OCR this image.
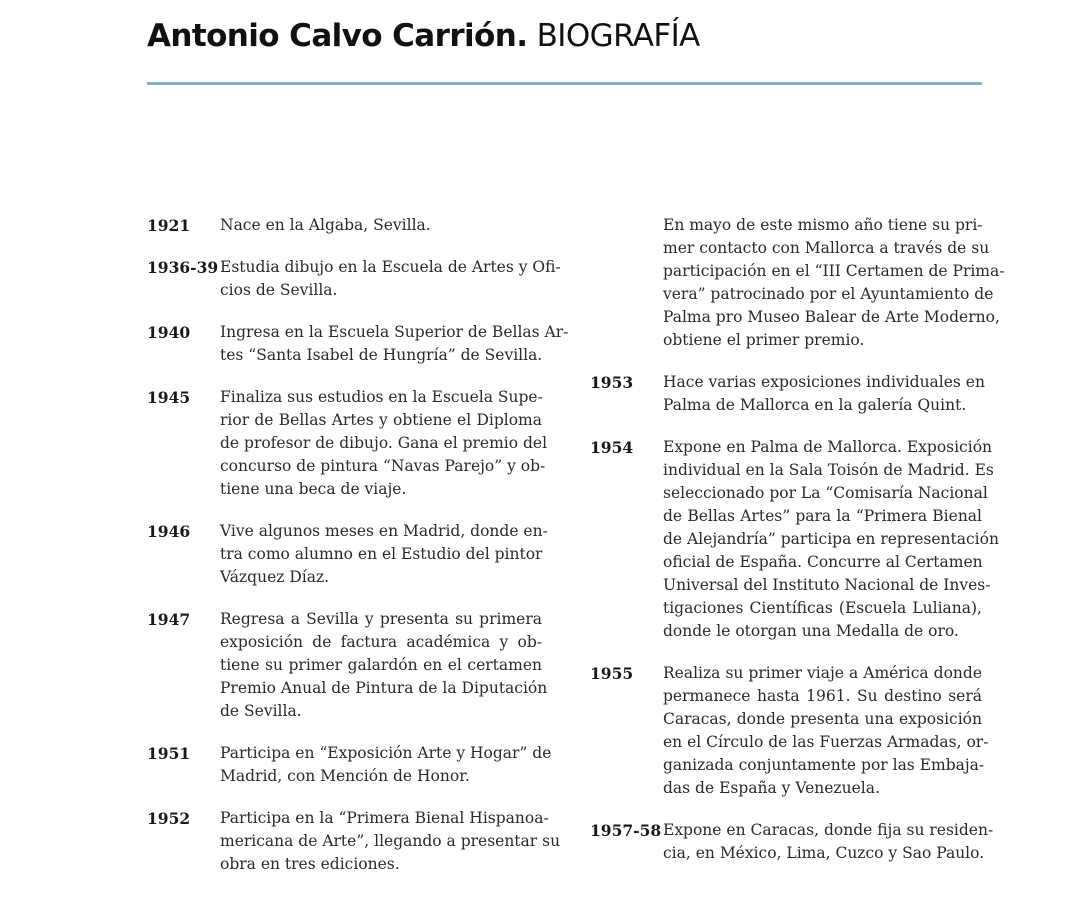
Antonio Calvo Carrión. BIOGRAFÍA
1921 Nace en la Algaba, Sevilla.
1936-39 Estudia dibujo en la Escuela de Artes y Ofi-
cios de Sevilla.
1940 Ingresa en la Escuela Superior de Bellas Ar-
tes “Santa Isabel de Hungría” de Sevilla.
1945 Finaliza sus estudios en la Escuela Supe-
rior de Bellas Artes y obtiene el Diploma
de profesor de dibujo. Gana el premio del
concurso de pintura “Navas Parejo” y ob-
tiene una beca de viaje.
1946 Vive algunos meses en Madrid, donde en-
tra como alumno en el Estudio del pintor
Vázquez Díaz.
1947 Regresa a Sevilla y presenta su primera
exposición de factura académica y ob-
tiene su primer galardón en el certamen
Premio Anual de Pintura de la Diputación
de Sevilla.
1951 Participa en “Exposición Arte y Hogar” de
Madrid, con Mención de Honor.
1952 Participa en la “Primera Bienal Hispanoa-
mericana de Arte”, llegando a presentar su
obra en tres ediciones.
En mayo de este mismo año tiene su pri-
mer contacto con Mallorca a través de su
participación en el “III Certamen de Prima-
vera” patrocinado por el Ayuntamiento de
Palma pro Museo Balear de Arte Moderno,
obtiene el primer premio.
1953 Hace varias exposiciones individuales en
Palma de Mallorca en la galería Quint.
1954 Expone en Palma de Mallorca. Exposición
individual en la Sala Toisón de Madrid. Es
seleccionado por La “Comisaría Nacional
de Bellas Artes” para la “Primera Bienal
de Alejandría” participa en representación
oficial de España. Concurre al Certamen
Universal del Instituto Nacional de Inves-
tigaciones Científicas (Escuela Luliana),
donde le otorgan una Medalla de oro.
1955 Realiza su primer viaje a América donde
permanece hasta 1961. Su destino será
Caracas, donde presenta una exposición
en el Círculo de las Fuerzas Armadas, or-
ganizada conjuntamente por las Embaja-
das de España y Venezuela.
1957-58 Expone en Caracas, donde fija su residen-
cia, en México, Lima, Cuzco y Sao Paulo.
